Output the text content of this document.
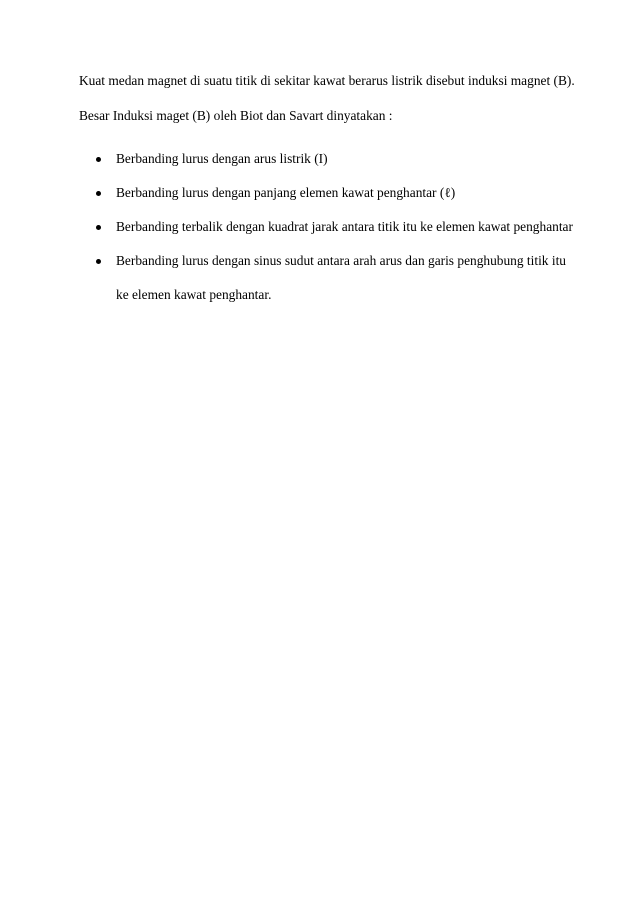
Kuat medan magnet di suatu titik di sekitar kawat berarus listrik disebut induksi magnet (B).

Besar Induksi maget (B) oleh Biot dan Savart dinyatakan :

Berbanding lurus dengan arus listrik (I)
Berbanding lurus dengan panjang elemen kawat penghantar (ℓ)
Berbanding terbalik dengan kuadrat jarak antara titik itu ke elemen kawat penghantar
Berbanding lurus dengan sinus sudut antara arah arus dan garis penghubung titik itu
ke elemen kawat penghantar.
